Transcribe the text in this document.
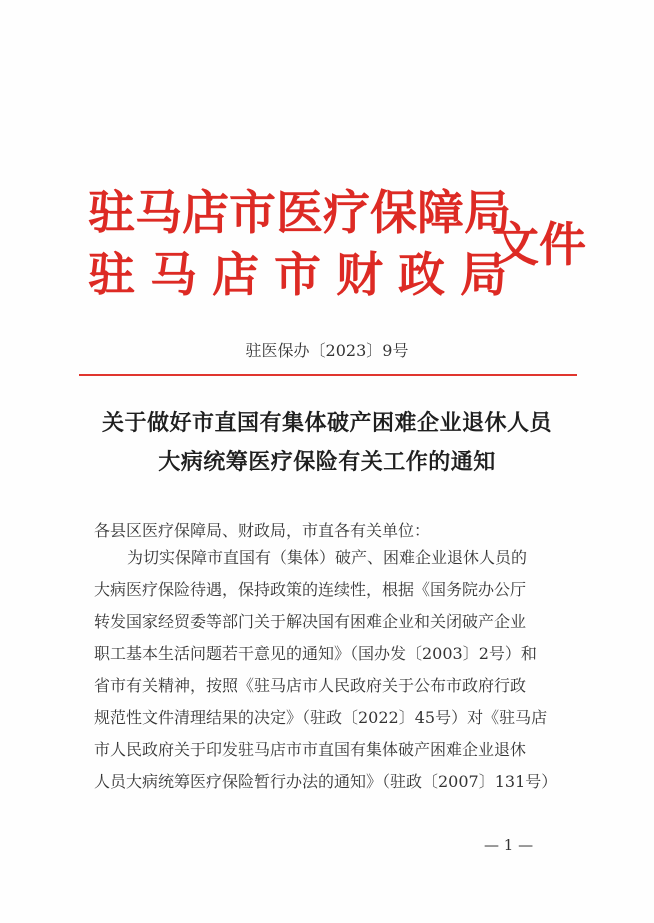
驻马店市医疗保障局
驻马店市财政局
文件
驻医保办〔2023〕9号
关于做好市直国有集体破产困难企业退休人员
大病统筹医疗保险有关工作的通知
各县区医疗保障局、财政局，市直各有关单位：
为切实保障市直国有（集体）破产、困难企业退休人员的
大病医疗保险待遇，保持政策的连续性，根据《国务院办公厅
转发国家经贸委等部门关于解决国有困难企业和关闭破产企业
职工基本生活问题若干意见的通知》（国办发〔2003〕2号）和
省市有关精神，按照《驻马店市人民政府关于公布市政府行政
规范性文件清理结果的决定》（驻政〔2022〕45号）对《驻马店
市人民政府关于印发驻马店市市直国有集体破产困难企业退休
人员大病统筹医疗保险暂行办法的通知》（驻政〔2007〕131号）
— 1 —
